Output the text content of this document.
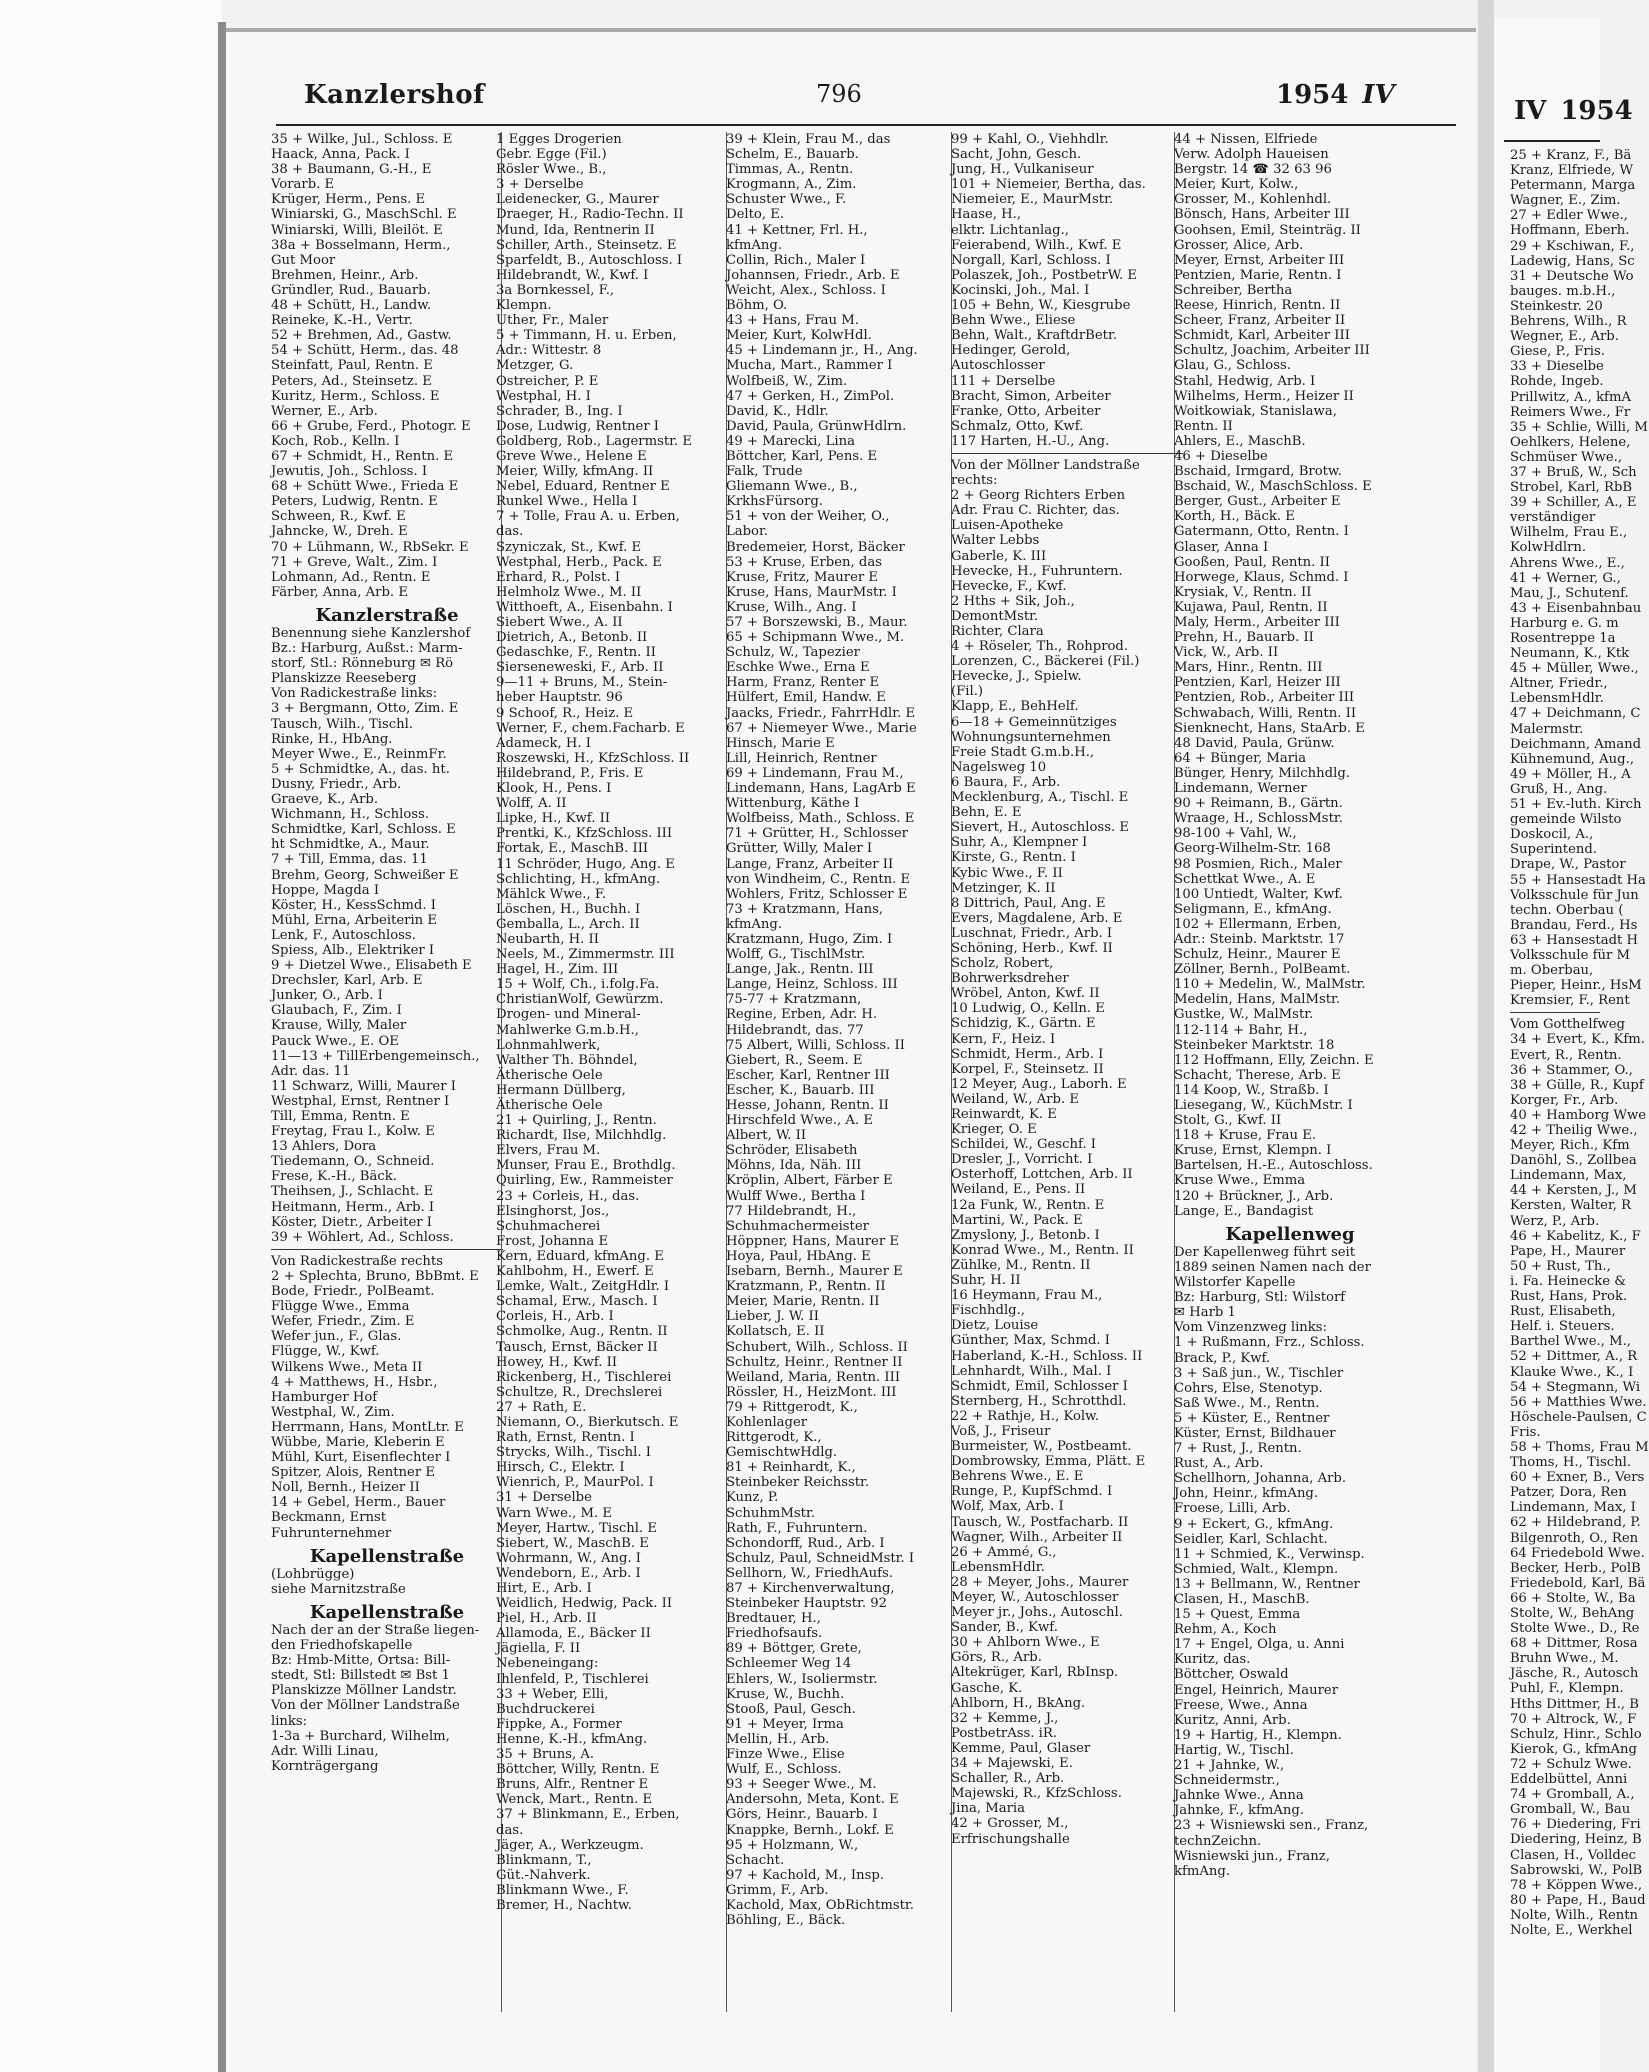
Kanzlershof	796	1954 IV
35 + Wilke, Jul., Schloss. E
Haack, Anna, Pack. I
38 + Baumann, G.-H., E
Vorarb. E
Krüger, Herm., Pens. E
Winiarski, G., MaschSchl. E
Winiarski, Willi, Bleilöt. E
38a + Bosselmann, Herm.,
Gut Moor
Brehmen, Heinr., Arb.
Gründler, Rud., Bauarb.
48 + Schütt, H., Landw.
Reineke, K.-H., Vertr.
52 + Brehmen, Ad., Gastw.
54 + Schütt, Herm., das. 48
Steinfatt, Paul, Rentn. E
Peters, Ad., Steinsetz. E
Kuritz, Herm., Schloss. E
Werner, E., Arb.
66 + Grube, Ferd., Photogr. E
Koch, Rob., Kelln. I
67 + Schmidt, H., Rentn. E
Jewutis, Joh., Schloss. I
68 + Schütt Wwe., Frieda E
Peters, Ludwig, Rentn. E
Schween, R., Kwf. E
Jahncke, W., Dreh. E
70 + Lühmann, W., RbSekr. E
71 + Greve, Walt., Zim. I
Lohmann, Ad., Rentn. E
Färber, Anna, Arb. E
Kanzlerstraße
Benennung siehe Kanzlershof
Bz.: Harburg, Außst.: Marm-
storf, Stl.: Rönneburg ✉ Rö
Planskizze Reeseberg
Von Radickestraße links:
3 + Bergmann, Otto, Zim. E
Tausch, Wilh., Tischl.
Rinke, H., HbAng.
Meyer Wwe., E., ReinmFr.
5 + Schmidtke, A., das. ht.
Dusny, Friedr., Arb.
Graeve, K., Arb.
Wichmann, H., Schloss.
Schmidtke, Karl, Schloss. E
ht Schmidtke, A., Maur.
7 + Till, Emma, das. 11
Brehm, Georg, Schweißer E
Hoppe, Magda I
Köster, H., KessSchmd. I
Mühl, Erna, Arbeiterin E
Lenk, F., Autoschloss.
Spiess, Alb., Elektriker I
9 + Dietzel Wwe., Elisabeth E
Drechsler, Karl, Arb. E
Junker, O., Arb. I
Glaubach, F., Zim. I
Krause, Willy, Maler
Pauck Wwe., E. OE
11—13 + TillErbengemeinsch.,
Adr. das. 11
11 Schwarz, Willi, Maurer I
Westphal, Ernst, Rentner I
Till, Emma, Rentn. E
Freytag, Frau I., Kolw. E
13 Ahlers, Dora
Tiedemann, O., Schneid.
Frese, K.-H., Bäck.
Theihsen, J., Schlacht. E
Heitmann, Herm., Arb. I
Köster, Dietr., Arbeiter I
39 + Wöhlert, Ad., Schloss.
Von Radickestraße rechts
2 + Splechta, Bruno, BbBmt. E
Bode, Friedr., PolBeamt.
Flügge Wwe., Emma
Wefer, Friedr., Zim. E
Wefer jun., F., Glas.
Flügge, W., Kwf.
Wilkens Wwe., Meta II
4 + Matthews, H., Hsbr.,
Hamburger Hof
Westphal, W., Zim.
Herrmann, Hans, MontLtr. E
Wübbe, Marie, Kleberin E
Mühl, Kurt, Eisenflechter I
Spitzer, Alois, Rentner E
Noll, Bernh., Heizer II
14 + Gebel, Herm., Bauer
Beckmann, Ernst
Fuhrunternehmer
Kapellenstraße
(Lohbrügge)
siehe Marnitzstraße
Kapellenstraße
Nach der an der Straße liegen-
den Friedhofskapelle
Bz: Hmb-Mitte, Ortsa: Bill-
stedt, Stl: Billstedt ✉ Bst 1
Planskizze Möllner Landstr.
Von der Möllner Landstraße
links:
1-3a + Burchard, Wilhelm,
Adr. Willi Linau,
Kornträgergang
1 Egges Drogerien
Gebr. Egge (Fil.)
Rösler Wwe., B.,
3 + Derselbe
Leidenecker, G., Maurer
Draeger, H., Radio-Techn. II
Mund, Ida, Rentnerin II
Schiller, Arth., Steinsetz. E
Sparfeldt, B., Autoschloss. I
Hildebrandt, W., Kwf. I
3a Bornkessel, F.,
Klempn.
Uther, Fr., Maler
5 + Timmann, H. u. Erben,
Adr.: Wittestr. 8
Metzger, G.
Ostreicher, P. E
Westphal, H. I
Schrader, B., Ing. I
Dose, Ludwig, Rentner I
Goldberg, Rob., Lagermstr. E
Greve Wwe., Helene E
Meier, Willy, kfmAng. II
Nebel, Eduard, Rentner E
Runkel Wwe., Hella I
7 + Tolle, Frau A. u. Erben,
das.
Szyniczak, St., Kwf. E
Westphal, Herb., Pack. E
Erhard, R., Polst. I
Helmholz Wwe., M. II
Witthoeft, A., Eisenbahn. I
Siebert Wwe., A. II
Dietrich, A., Betonb. II
Gedaschke, F., Rentn. II
Sierseneweski, F., Arb. II
9—11 + Bruns, M., Stein-
heber Hauptstr. 96
9 Schoof, R., Heiz. E
Werner, F., chem.Facharb. E
Adameck, H. I
Roszewski, H., KfzSchloss. II
Hildebrand, P., Fris. E
Klook, H., Pens. I
Wolff, A. II
Lipke, H., Kwf. II
Prentki, K., KfzSchloss. III
Fortak, E., MaschB. III
11 Schröder, Hugo, Ang. E
Schlichting, H., kfmAng.
Mählck Wwe., F.
Löschen, H., Buchh. I
Gemballa, L., Arch. II
Neubarth, H. II
Neels, M., Zimmermstr. III
Hagel, H., Zim. III
15 + Wolf, Ch., i.folg.Fa.
ChristianWolf, Gewürzm.
Drogen- und Mineral-
Mahlwerke G.m.b.H.,
Lohnmahlwerk,
Walther Th. Böhndel,
Ätherische Oele
Hermann Düllberg,
Ätherische Oele
21 + Quirling, J., Rentn.
Richardt, Ilse, Milchhdlg.
Elvers, Frau M.
Munser, Frau E., Brothdlg.
Quirling, Ew., Rammeister
23 + Corleis, H., das.
Elsinghorst, Jos.,
Schuhmacherei
Frost, Johanna E
Kern, Eduard, kfmAng. E
Kahlbohm, H., Ewerf. E
Lemke, Walt., ZeitgHdlr. I
Schamal, Erw., Masch. I
Corleis, H., Arb. I
Schmolke, Aug., Rentn. II
Tausch, Ernst, Bäcker II
Howey, H., Kwf. II
Rickenberg, H., Tischlerei
Schultze, R., Drechslerei
27 + Rath, E.
Niemann, O., Bierkutsch. E
Rath, Ernst, Rentn. I
Strycks, Wilh., Tischl. I
Hirsch, C., Elektr. I
Wienrich, P., MaurPol. I
31 + Derselbe
Warn Wwe., M. E
Meyer, Hartw., Tischl. E
Siebert, W., MaschB. E
Wohrmann, W., Ang. I
Wendeborn, E., Arb. I
Hirt, E., Arb. I
Weidlich, Hedwig, Pack. II
Piel, H., Arb. II
Allamoda, E., Bäcker II
Jägiella, F. II
Nebeneingang:
Ihlenfeld, P., Tischlerei
33 + Weber, Elli,
Buchdruckerei
Fippke, A., Former
Henne, K.-H., kfmAng.
35 + Bruns, A.
Böttcher, Willy, Rentn. E
Bruns, Alfr., Rentner E
Wenck, Mart., Rentn. E
37 + Blinkmann, E., Erben,
das.
Jäger, A., Werkzeugm.
Blinkmann, T.,
Güt.-Nahverk.
Blinkmann Wwe., F.
Bremer, H., Nachtw.
39 + Klein, Frau M., das
Schelm, E., Bauarb.
Timmas, A., Rentn.
Krogmann, A., Zim.
Schuster Wwe., F.
Delto, E.
41 + Kettner, Frl. H.,
kfmAng.
Collin, Rich., Maler I
Johannsen, Friedr., Arb. E
Weicht, Alex., Schloss. I
Böhm, O.
43 + Hans, Frau M.
Meier, Kurt, KolwHdl.
45 + Lindemann jr., H., Ang.
Mucha, Mart., Rammer I
Wolfbeiß, W., Zim.
47 + Gerken, H., ZimPol.
David, K., Hdlr.
David, Paula, GrünwHdlrn.
49 + Marecki, Lina
Böttcher, Karl, Pens. E
Falk, Trude
Gliemann Wwe., B.,
KrkhsFürsorg.
51 + von der Weiher, O.,
Labor.
Bredemeier, Horst, Bäcker
53 + Kruse, Erben, das
Kruse, Fritz, Maurer E
Kruse, Hans, MaurMstr. I
Kruse, Wilh., Ang. I
57 + Borszewski, B., Maur.
65 + Schipmann Wwe., M.
Schulz, W., Tapezier
Eschke Wwe., Erna E
Harm, Franz, Renter E
Hülfert, Emil, Handw. E
Jaacks, Friedr., FahrrHdlr. E
67 + Niemeyer Wwe., Marie
Hinsch, Marie E
Lill, Heinrich, Rentner
69 + Lindemann, Frau M.,
Lindemann, Hans, LagArb E
Wittenburg, Käthe I
Wolfbeiss, Math., Schloss. E
71 + Grütter, H., Schlosser
Grütter, Willy, Maler I
Lange, Franz, Arbeiter II
von Windheim, C., Rentn. E
Wohlers, Fritz, Schlosser E
73 + Kratzmann, Hans,
kfmAng.
Kratzmann, Hugo, Zim. I
Wolff, G., TischlMstr.
Lange, Jak., Rentn. III
Lange, Heinz, Schloss. III
75-77 + Kratzmann,
Regine, Erben, Adr. H.
Hildebrandt, das. 77
75 Albert, Willi, Schloss. II
Giebert, R., Seem. E
Escher, Karl, Rentner III
Escher, K., Bauarb. III
Hesse, Johann, Rentn. II
Hirschfeld Wwe., A. E
Albert, W. II
Schröder, Elisabeth
Möhns, Ida, Näh. III
Kröplin, Albert, Färber E
Wulff Wwe., Bertha I
77 Hildebrandt, H.,
Schuhmachermeister
Höppner, Hans, Maurer E
Hoya, Paul, HbAng. E
Isebarn, Bernh., Maurer E
Kratzmann, P., Rentn. II
Meier, Marie, Rentn. II
Lieber, J. W. II
Kollatsch, E. II
Schubert, Wilh., Schloss. II
Schultz, Heinr., Rentner II
Weiland, Maria, Rentn. III
Rössler, H., HeizMont. III
79 + Rittgerodt, K.,
Kohlenlager
Rittgerodt, K.,
GemischtwHdlg.
81 + Reinhardt, K.,
Steinbeker Reichsstr.
Kunz, P.
SchuhmMstr.
Rath, F., Fuhruntern.
Schondorff, Rud., Arb. I
Schulz, Paul, SchneidMstr. I
Sellhorn, W., FriedhAufs.
87 + Kirchenverwaltung,
Steinbeker Hauptstr. 92
Bredtauer, H.,
Friedhofsaufs.
89 + Böttger, Grete,
Schleemer Weg 14
Ehlers, W., Isoliermstr.
Kruse, W., Buchh.
Stooß, Paul, Gesch.
91 + Meyer, Irma
Mellin, H., Arb.
Finze Wwe., Elise
Wulf, E., Schloss.
93 + Seeger Wwe., M.
Andersohn, Meta, Kont. E
Görs, Heinr., Bauarb. I
Knappke, Bernh., Lokf. E
95 + Holzmann, W.,
Schacht.
97 + Kachold, M., Insp.
Grimm, F., Arb.
Kachold, Max, ObRichtmstr.
Böhling, E., Bäck.
99 + Kahl, O., Viehhdlr.
Sacht, John, Gesch.
Jung, H., Vulkaniseur
101 + Niemeier, Bertha, das.
Niemeier, E., MaurMstr.
Haase, H.,
elktr. Lichtanlag.,
Feierabend, Wilh., Kwf. E
Norgall, Karl, Schloss. I
Polaszek, Joh., PostbetrW. E
Kocinski, Joh., Mal. I
105 + Behn, W., Kiesgrube
Behn Wwe., Eliese
Behn, Walt., KraftdrBetr.
Hedinger, Gerold,
Autoschlosser
111 + Derselbe
Bracht, Simon, Arbeiter
Franke, Otto, Arbeiter
Schmalz, Otto, Kwf.
117 Harten, H.-U., Ang.
Von der Möllner Landstraße
rechts:
2 + Georg Richters Erben
Adr. Frau C. Richter, das.
Luisen-Apotheke
Walter Lebbs
Gaberle, K. III
Hevecke, H., Fuhruntern.
Hevecke, F., Kwf.
2 Hths + Sik, Joh.,
DemontMstr.
Richter, Clara
4 + Röseler, Th., Rohprod.
Lorenzen, C., Bäckerei (Fil.)
Hevecke, J., Spielw.
(Fil.)
Klapp, E., BehHelf.
6—18 + Gemeinnütziges
Wohnungsunternehmen
Freie Stadt G.m.b.H.,
Nagelsweg 10
6 Baura, F., Arb.
Mecklenburg, A., Tischl. E
Behn, E. E
Sievert, H., Autoschloss. E
Suhr, A., Klempner I
Kirste, G., Rentn. I
Kybic Wwe., F. II
Metzinger, K. II
8 Dittrich, Paul, Ang. E
Evers, Magdalene, Arb. E
Luschnat, Friedr., Arb. I
Schöning, Herb., Kwf. II
Scholz, Robert,
Bohrwerksdreher
Wröbel, Anton, Kwf. II
10 Ludwig, O., Kelln. E
Schidzig, K., Gärtn. E
Kern, F., Heiz. I
Schmidt, Herm., Arb. I
Korpel, F., Steinsetz. II
12 Meyer, Aug., Laborh. E
Weiland, W., Arb. E
Reinwardt, K. E
Krieger, O. E
Schildei, W., Geschf. I
Dresler, J., Vorricht. I
Osterhoff, Lottchen, Arb. II
Weiland, E., Pens. II
12a Funk, W., Rentn. E
Martini, W., Pack. E
Zmyslony, J., Betonb. I
Konrad Wwe., M., Rentn. II
Zühlke, M., Rentn. II
Suhr, H. II
16 Heymann, Frau M.,
Fischhdlg.,
Dietz, Louise
Günther, Max, Schmd. I
Haberland, K.-H., Schloss. II
Lehnhardt, Wilh., Mal. I
Schmidt, Emil, Schlosser I
Sternberg, H., Schrotthdl.
22 + Rathje, H., Kolw.
Voß, J., Friseur
Burmeister, W., Postbeamt.
Dombrowsky, Emma, Plätt. E
Behrens Wwe., E. E
Runge, P., KupfSchmd. I
Wolf, Max, Arb. I
Tausch, W., Postfacharb. II
Wagner, Wilh., Arbeiter II
26 + Ammé, G.,
LebensmHdlr.
28 + Meyer, Johs., Maurer
Meyer, W., Autoschlosser
Meyer jr., Johs., Autoschl.
Sander, B., Kwf.
30 + Ahlborn Wwe., E
Görs, R., Arb.
Altekrüger, Karl, RbInsp.
Gasche, K.
Ahlborn, H., BkAng.
32 + Kemme, J.,
PostbetrAss. iR.
Kemme, Paul, Glaser
34 + Majewski, E.
Schaller, R., Arb.
Majewski, R., KfzSchloss.
Jina, Maria
42 + Grosser, M.,
Erfrischungshalle
44 + Nissen, Elfriede
Verw. Adolph Haueisen
Bergstr. 14 ☎ 32 63 96
Meier, Kurt, Kolw.,
Grosser, M., Kohlenhdl.
Bönsch, Hans, Arbeiter III
Goohsen, Emil, Steinträg. II
Grosser, Alice, Arb.
Meyer, Ernst, Arbeiter III
Pentzien, Marie, Rentn. I
Schreiber, Bertha
Reese, Hinrich, Rentn. II
Scheer, Franz, Arbeiter II
Schmidt, Karl, Arbeiter III
Schultz, Joachim, Arbeiter III
Glau, G., Schloss.
Stahl, Hedwig, Arb. I
Wilhelms, Herm., Heizer II
Woitkowiak, Stanislawa,
Rentn. II
Ahlers, E., MaschB.
46 + Dieselbe
Bschaid, Irmgard, Brotw.
Bschaid, W., MaschSchloss. E
Berger, Gust., Arbeiter E
Korth, H., Bäck. E
Gatermann, Otto, Rentn. I
Glaser, Anna I
Gooßen, Paul, Rentn. II
Horwege, Klaus, Schmd. I
Krysiak, V., Rentn. II
Kujawa, Paul, Rentn. II
Maly, Herm., Arbeiter III
Prehn, H., Bauarb. II
Vick, W., Arb. II
Mars, Hinr., Rentn. III
Pentzien, Karl, Heizer III
Pentzien, Rob., Arbeiter III
Schwabach, Willi, Rentn. II
Sienknecht, Hans, StaArb. E
48 David, Paula, Grünw.
64 + Bünger, Maria
Bünger, Henry, Milchhdlg.
Lindemann, Werner
90 + Reimann, B., Gärtn.
Wraage, H., SchlossMstr.
98-100 + Vahl, W.,
Georg-Wilhelm-Str. 168
98 Posmien, Rich., Maler
Schettkat Wwe., A. E
100 Untiedt, Walter, Kwf.
Seligmann, E., kfmAng.
102 + Ellermann, Erben,
Adr.: Steinb. Marktstr. 17
Schulz, Heinr., Maurer E
Zöllner, Bernh., PolBeamt.
110 + Medelin, W., MalMstr.
Medelin, Hans, MalMstr.
Gustke, W., MalMstr.
112-114 + Bahr, H.,
Steinbeker Marktstr. 18
112 Hoffmann, Elly, Zeichn. E
Schacht, Therese, Arb. E
114 Koop, W., Straßb. I
Liesegang, W., KüchMstr. I
Stolt, G., Kwf. II
118 + Kruse, Frau E.
Kruse, Ernst, Klempn. I
Bartelsen, H.-E., Autoschloss.
Kruse Wwe., Emma
120 + Brückner, J., Arb.
Lange, E., Bandagist
Kapellenweg
Der Kapellenweg führt seit
1889 seinen Namen nach der
Wilstorfer Kapelle
Bz: Harburg, Stl: Wilstorf
✉ Harb 1
Vom Vinzenzweg links:
1 + Rußmann, Frz., Schloss.
Brack, P., Kwf.
3 + Saß jun., W., Tischler
Cohrs, Else, Stenotyp.
Saß Wwe., M., Rentn.
5 + Küster, E., Rentner
Küster, Ernst, Bildhauer
7 + Rust, J., Rentn.
Rust, A., Arb.
Schellhorn, Johanna, Arb.
John, Heinr., kfmAng.
Froese, Lilli, Arb.
9 + Eckert, G., kfmAng.
Seidler, Karl, Schlacht.
11 + Schmied, K., Verwinsp.
Schmied, Walt., Klempn.
13 + Bellmann, W., Rentner
Clasen, H., MaschB.
15 + Quest, Emma
Rehm, A., Koch
17 + Engel, Olga, u. Anni
Kuritz, das.
Böttcher, Oswald
Engel, Heinrich, Maurer
Freese, Wwe., Anna
Kuritz, Anni, Arb.
19 + Hartig, H., Klempn.
Hartig, W., Tischl.
21 + Jahnke, W.,
Schneidermstr.,
Jahnke Wwe., Anna
Jahnke, F., kfmAng.
23 + Wisniewski sen., Franz,
technZeichn.
Wisniewski jun., Franz,
kfmAng.
IV 1954
25 + Kranz, F., Bä
Kranz, Elfriede, W
Petermann, Marga
Wagner, E., Zim.
27 + Edler Wwe.,
Hoffmann, Eberh.
29 + Kschiwan, F.,
Ladewig, Hans, Sc
31 + Deutsche Wo
bauges. m.b.H.,
Steinkestr. 20
Behrens, Wilh., R
Wegner, E., Arb.
Giese, P., Fris.
33 + Dieselbe
Rohde, Ingeb.
Prillwitz, A., kfmA
Reimers Wwe., Fr
35 + Schlie, Willi, M
Oehlkers, Helene,
Schmüser Wwe.,
37 + Bruß, W., Sch
Strobel, Karl, RbB
39 + Schiller, A., E
verständiger
Wilhelm, Frau E.,
KolwHdlrn.
Ahrens Wwe., E.,
41 + Werner, G.,
Mau, J., Schutenf.
43 + Eisenbahnbau
Harburg e. G. m
Rosentreppe 1a
Neumann, K., Ktk
45 + Müller, Wwe.,
Altner, Friedr.,
LebensmHdlr.
47 + Deichmann, C
Malermstr.
Deichmann, Amand
Kühnemund, Aug.,
49 + Möller, H., A
Gruß, H., Ang.
51 + Ev.-luth. Kirch
gemeinde Wilsto
Doskocil, A.,
Superintend.
Drape, W., Pastor
55 + Hansestadt Ha
Volksschule für Jun
techn. Oberbau (
Brandau, Ferd., Hs
63 + Hansestadt H
Volksschule für M
m. Oberbau,
Pieper, Heinr., HsM
Kremsier, F., Rent
Vom Gotthelfweg
34 + Evert, K., Kfm.
Evert, R., Rentn.
36 + Stammer, O.,
38 + Gülle, R., Kupf
Korger, Fr., Arb.
40 + Hamborg Wwe
42 + Theilig Wwe.,
Meyer, Rich., Kfm
Danöhl, S., Zollbea
Lindemann, Max,
44 + Kersten, J., M
Kersten, Walter, R
Werz, P., Arb.
46 + Kabelitz, K., F
Pape, H., Maurer
50 + Rust, Th.,
i. Fa. Heinecke &
Rust, Hans, Prok.
Rust, Elisabeth,
Helf. i. Steuers.
Barthel Wwe., M.,
52 + Dittmer, A., R
Klauke Wwe., K., I
54 + Stegmann, Wi
56 + Matthies Wwe.
Höschele-Paulsen, C
Fris.
58 + Thoms, Frau M
Thoms, H., Tischl.
60 + Exner, B., Vers
Patzer, Dora, Ren
Lindemann, Max, I
62 + Hildebrand, P.
Bilgenroth, O., Ren
64 Friedebold Wwe.
Becker, Herb., PolB
Friedebold, Karl, Bä
66 + Stolte, W., Ba
Stolte, W., BehAng
Stolte Wwe., D., Re
68 + Dittmer, Rosa
Bruhn Wwe., M.
Jäsche, R., Autosch
Puhl, F., Klempn.
Hths Dittmer, H., B
70 + Altrock, W., F
Schulz, Hinr., Schlo
Kierok, G., kfmAng
72 + Schulz Wwe.
Eddelbüttel, Anni
74 + Gromball, A.,
Gromball, W., Bau
76 + Diedering, Fri
Diedering, Heinz, B
Clasen, H., Volldec
Sabrowski, W., PolB
78 + Köppen Wwe.,
80 + Pape, H., Baud
Nolte, Wilh., Rentn
Nolte, E., Werkhel
